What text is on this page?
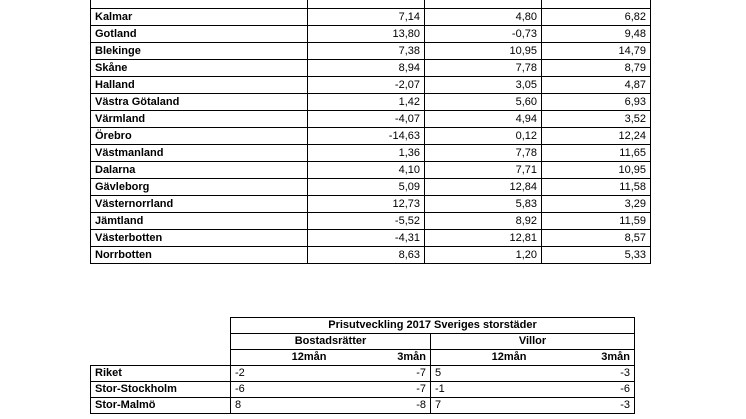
Kalmar	7,14	4,80	6,82
Gotland	13,80	-0,73	9,48
Blekinge	7,38	10,95	14,79
Skåne	8,94	7,78	8,79
Halland	-2,07	3,05	4,87
Västra Götaland	1,42	5,60	6,93
Värmland	-4,07	4,94	3,52
Örebro	-14,63	0,12	12,24
Västmanland	1,36	7,78	11,65
Dalarna	4,10	7,71	10,95
Gävleborg	5,09	12,84	11,58
Västernorrland	12,73	5,83	3,29
Jämtland	-5,52	8,92	11,59
Västerbotten	-4,31	12,81	8,57
Norrbotten	8,63	1,20	5,33
	Prisutveckling 2017 Sveriges storstäder			
	Bostadsrätter		Villor	
	12mån	3mån	12mån	3mån
Riket	-2	-7	5	-3
Stor-Stockholm	-6	-7	-1	-6
Stor-Malmö	8	-8	7	-3
